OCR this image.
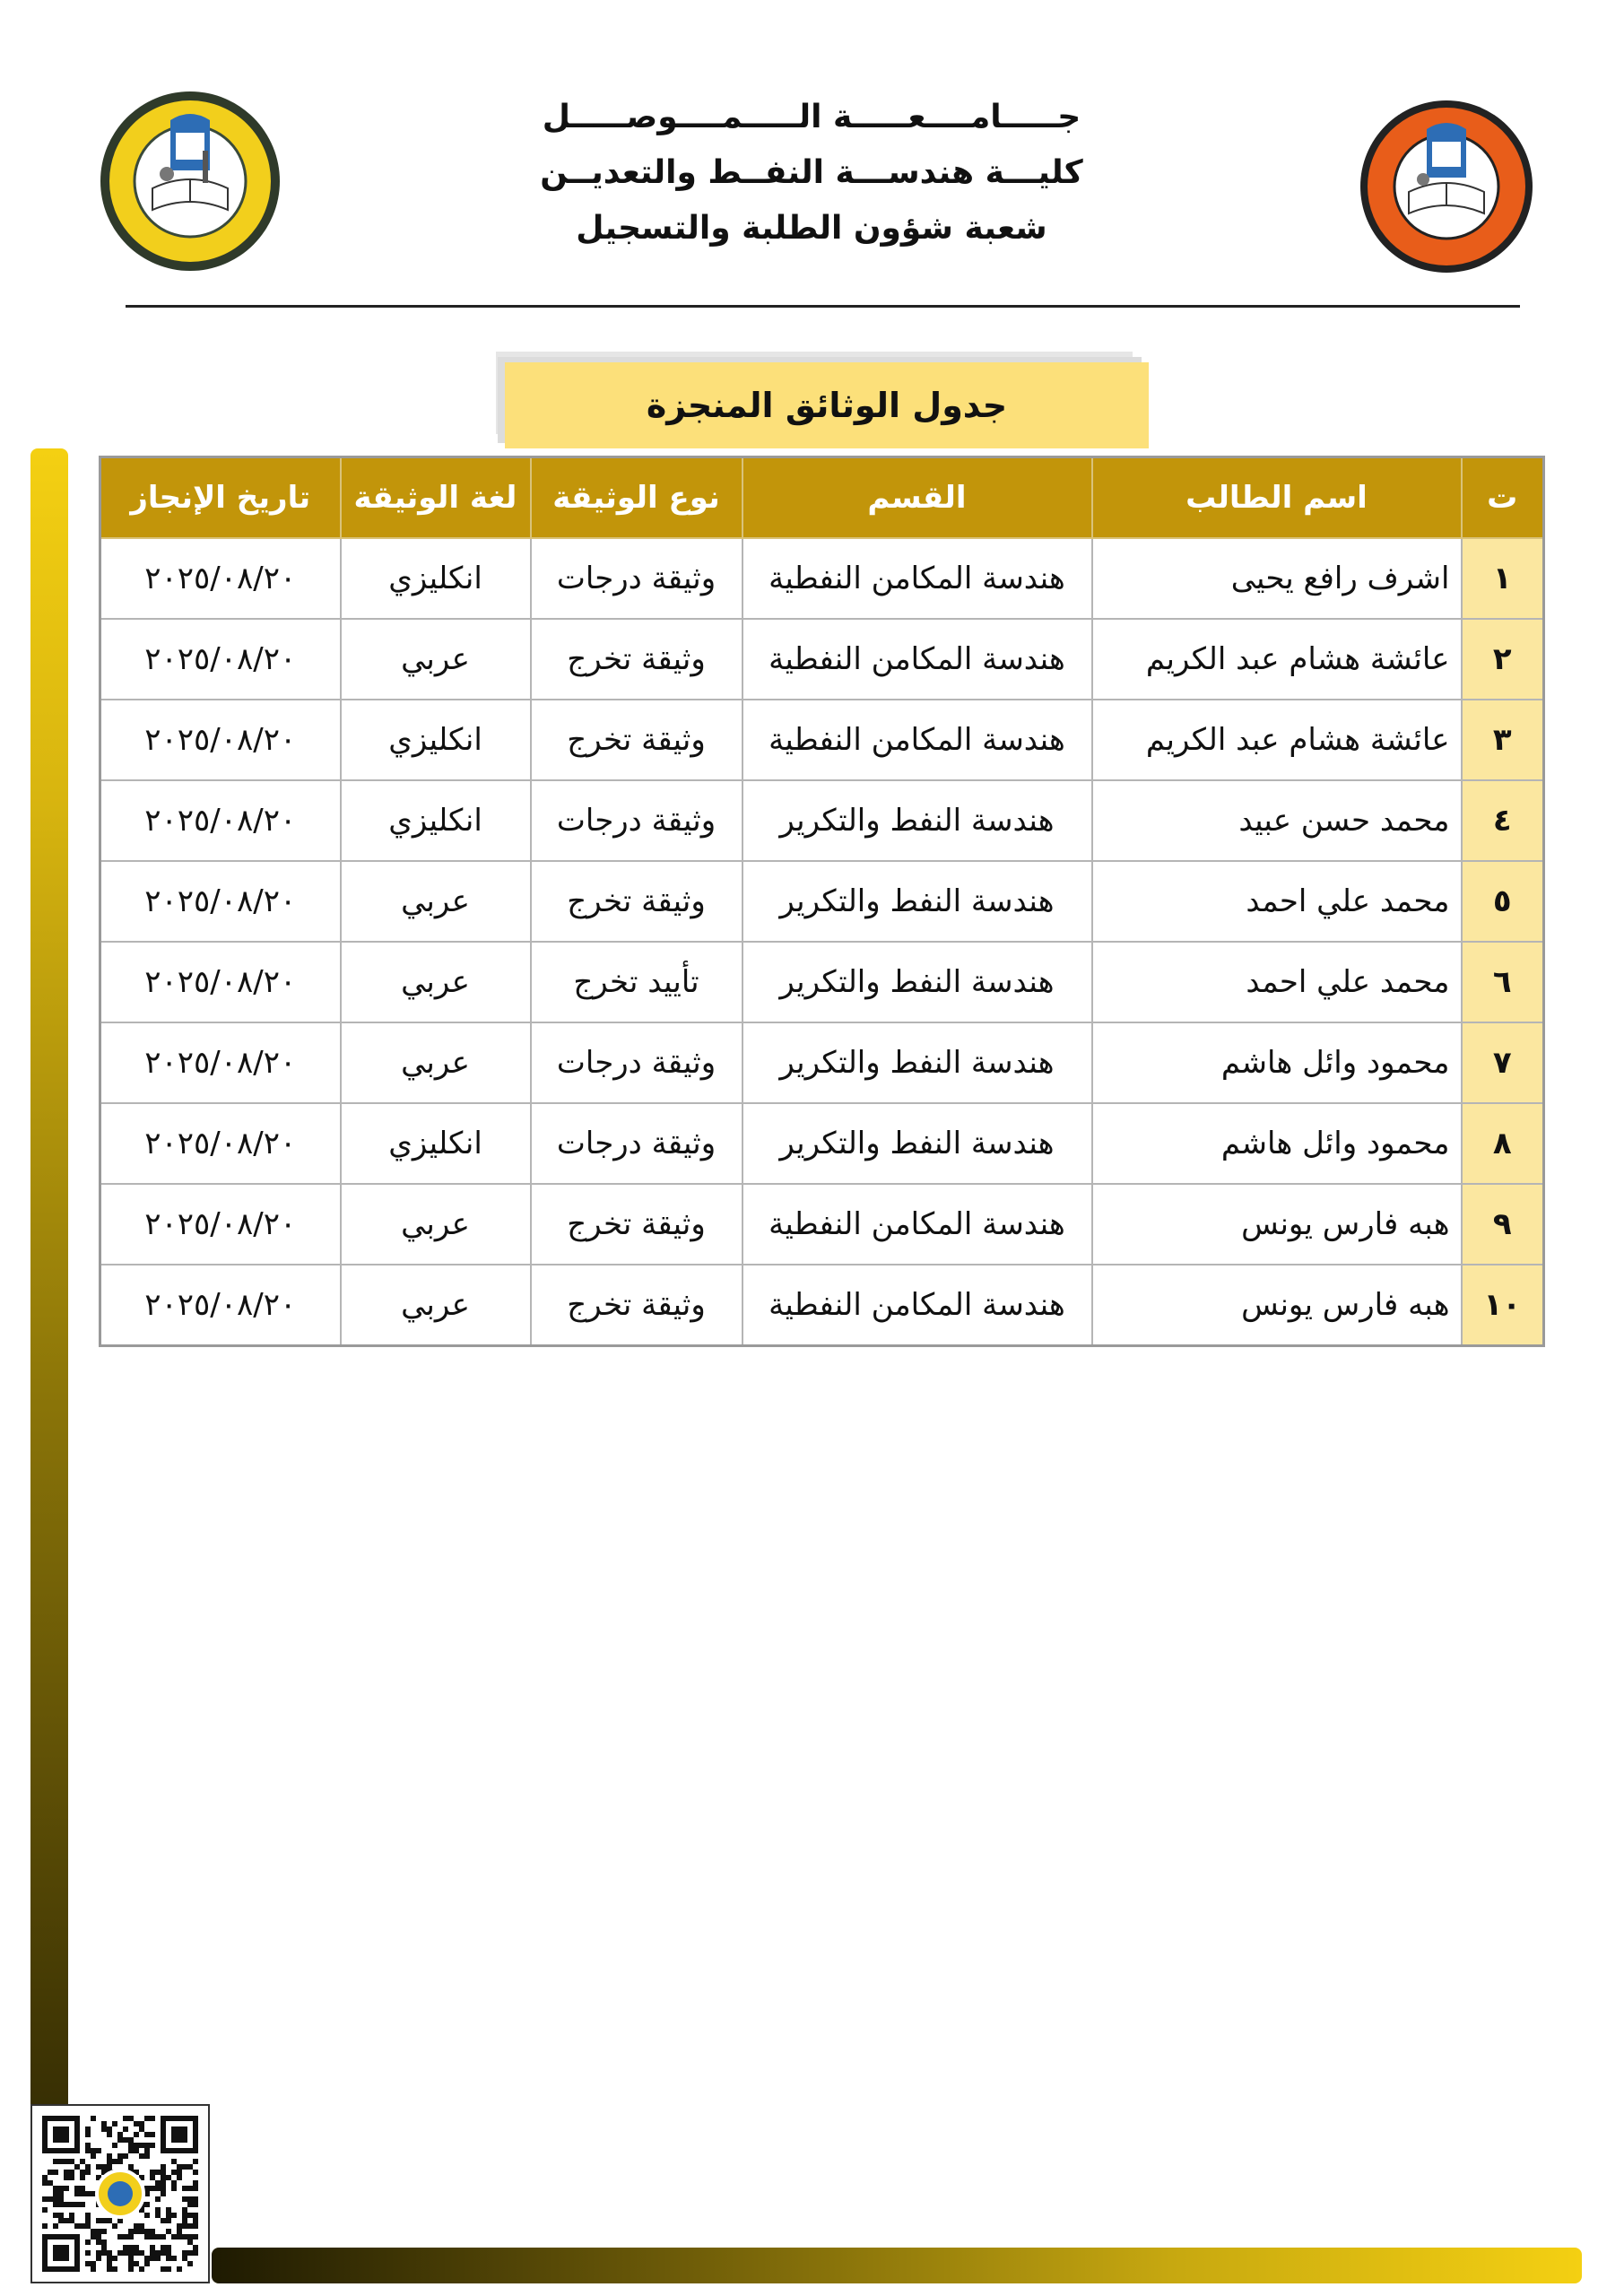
جـــــامــــعـــــة الـــــمــــوصـــــل
كليـــة هندســـة النفــط والتعديــن
شعبة شؤون الطلبة والتسجيل
جدول الوثائق المنجزة
ت	اسم الطالب	القسم	نوع الوثيقة	لغة الوثيقة	تاريخ الإنجاز
١	اشرف رافع يحيى	هندسة المكامن النفطية	وثيقة درجات	انكليزي	٢٠٢٥/٠٨/٢٠
٢	عائشة هشام عبد الكريم	هندسة المكامن النفطية	وثيقة تخرج	عربي	٢٠٢٥/٠٨/٢٠
٣	عائشة هشام عبد الكريم	هندسة المكامن النفطية	وثيقة تخرج	انكليزي	٢٠٢٥/٠٨/٢٠
٤	محمد حسن عبيد	هندسة النفط والتكرير	وثيقة درجات	انكليزي	٢٠٢٥/٠٨/٢٠
٥	محمد علي احمد	هندسة النفط والتكرير	وثيقة تخرج	عربي	٢٠٢٥/٠٨/٢٠
٦	محمد علي احمد	هندسة النفط والتكرير	تأييد تخرج	عربي	٢٠٢٥/٠٨/٢٠
٧	محمود وائل هاشم	هندسة النفط والتكرير	وثيقة درجات	عربي	٢٠٢٥/٠٨/٢٠
٨	محمود وائل هاشم	هندسة النفط والتكرير	وثيقة درجات	انكليزي	٢٠٢٥/٠٨/٢٠
٩	هبه فارس يونس	هندسة المكامن النفطية	وثيقة تخرج	عربي	٢٠٢٥/٠٨/٢٠
١٠	هبه فارس يونس	هندسة المكامن النفطية	وثيقة تخرج	عربي	٢٠٢٥/٠٨/٢٠
